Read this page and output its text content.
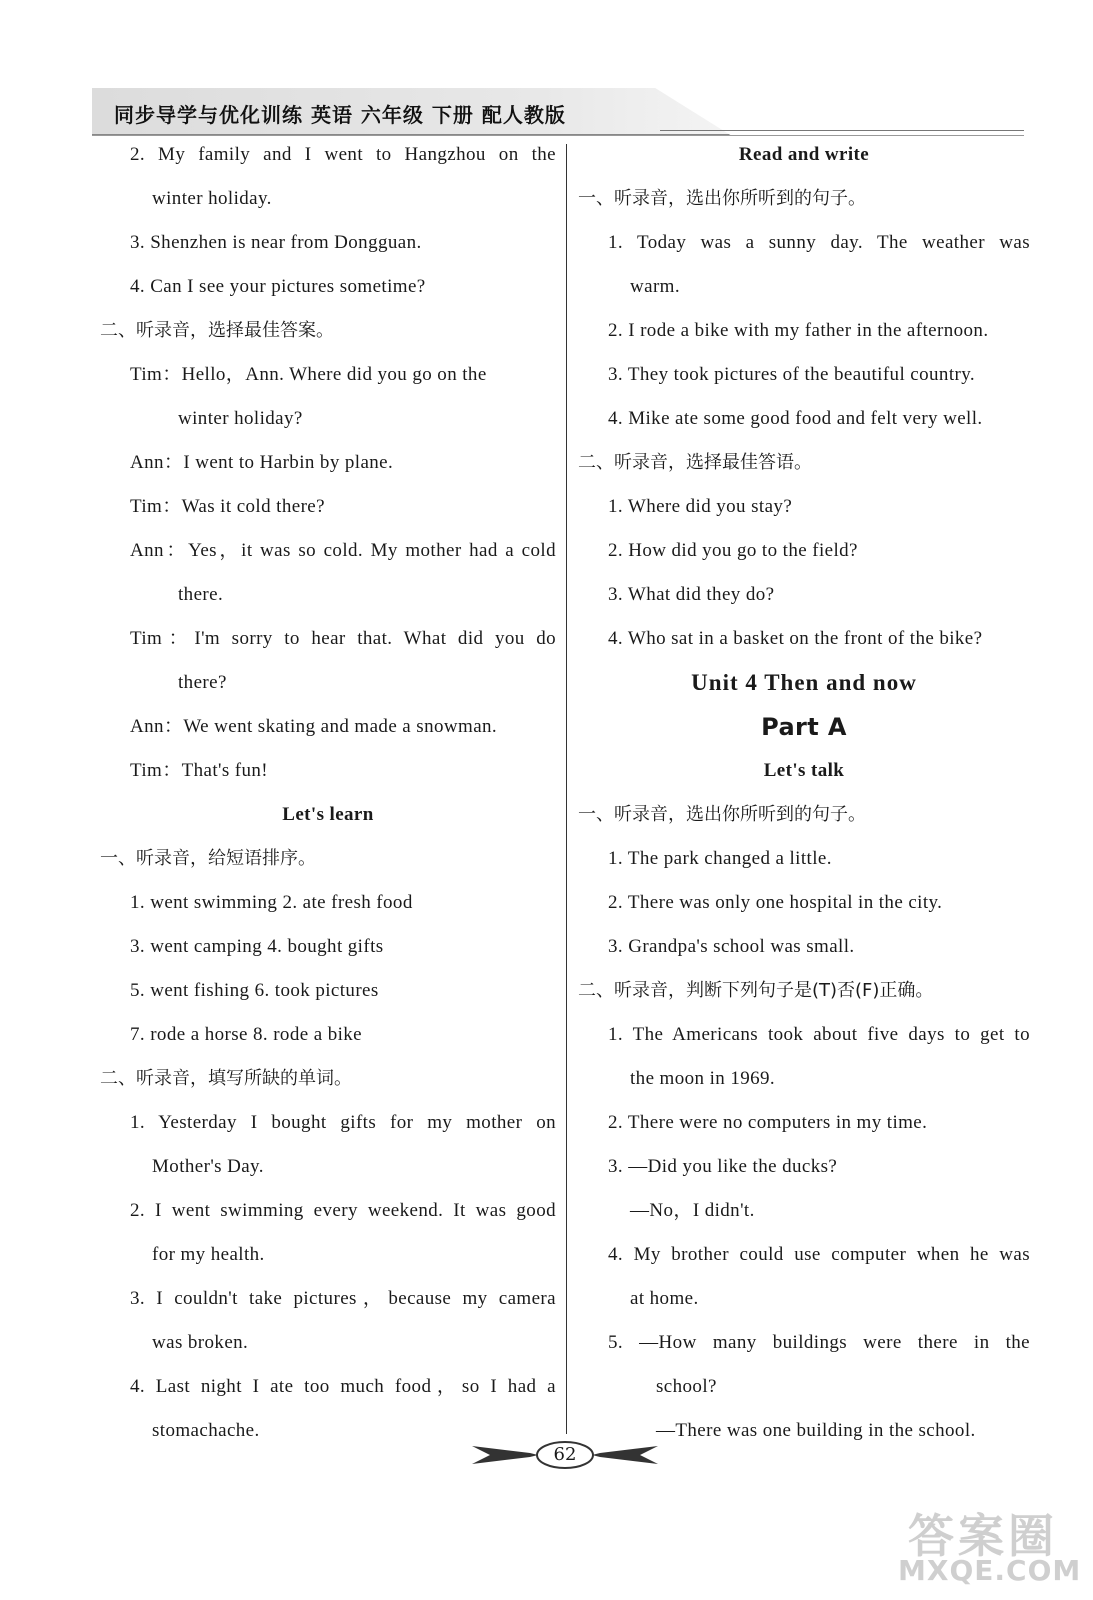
同步导学与优化训练 英语 六年级 下册 配人教版
2. My family and I went to Hangzhou on the
winter holiday.
3. Shenzhen is near from Dongguan.
4. Can I see your pictures sometime?
二、听录音，选择最佳答案。
Tim：Hello，Ann. Where did you go on the
winter holiday?
Ann：I went to Harbin by plane.
Tim：Was it cold there?
Ann：Yes，it was so cold. My mother had a cold
there.
Tim：I'm sorry to hear that. What did you do
there?
Ann：We went skating and made a snowman.
Tim：That's fun!
Let's learn
一、听录音，给短语排序。
1. went swimming 2. ate fresh food
3. went camping 4. bought gifts
5. went fishing 6. took pictures
7. rode a horse 8. rode a bike
二、听录音，填写所缺的单词。
1. Yesterday I bought gifts for my mother on
Mother's Day.
2. I went swimming every weekend. It was good
for my health.
3. I couldn't take pictures，because my camera
was broken.
4. Last night I ate too much food，so I had a
stomachache.
Read and write
一、听录音，选出你所听到的句子。
1. Today was a sunny day. The weather was
warm.
2. I rode a bike with my father in the afternoon.
3. They took pictures of the beautiful country.
4. Mike ate some good food and felt very well.
二、听录音，选择最佳答语。
1. Where did you stay?
2. How did you go to the field?
3. What did they do?
4. Who sat in a basket on the front of the bike?
Unit 4 Then and now
Part A
Let's talk
一、听录音，选出你所听到的句子。
1. The park changed a little.
2. There was only one hospital in the city.
3. Grandpa's school was small.
二、听录音，判断下列句子是(T)否(F)正确。
1. The Americans took about five days to get to
the moon in 1969.
2. There were no computers in my time.
3. —Did you like the ducks?
—No，I didn't.
4. My brother could use computer when he was
at home.
5. —How many buildings were there in the
school?
—There was one building in the school.
62
答案圈
MXQE.COM
